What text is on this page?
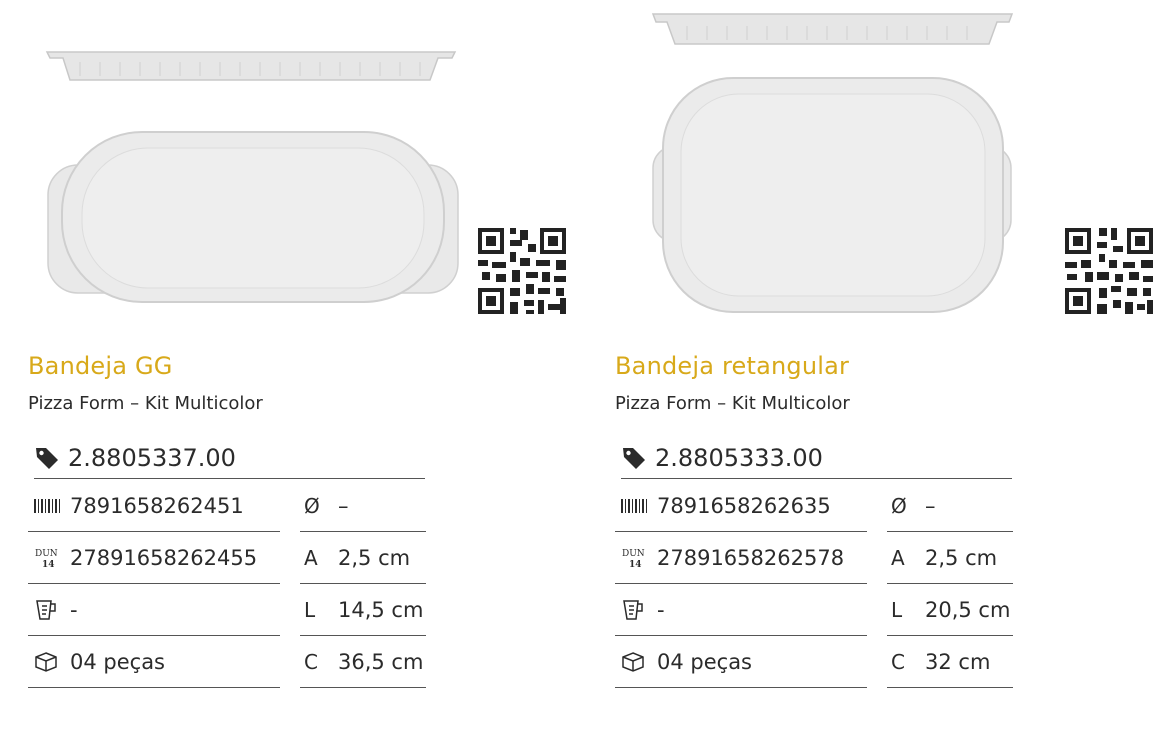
Bandeja GG
Pizza Form – Kit Multicolor
2.8805337.00
7891658262451
DUN
14 27891658262455
-
04 peças
Ø –
A 2,5 cm
L	14,5 cm
C 36,5 cm
Bandeja retangular
Pizza Form – Kit Multicolor
2.8805333.00
7891658262635
DUN
14 27891658262578
-
04 peças
Ø –
A 2,5 cm
L	20,5 cm
C 32 cm
